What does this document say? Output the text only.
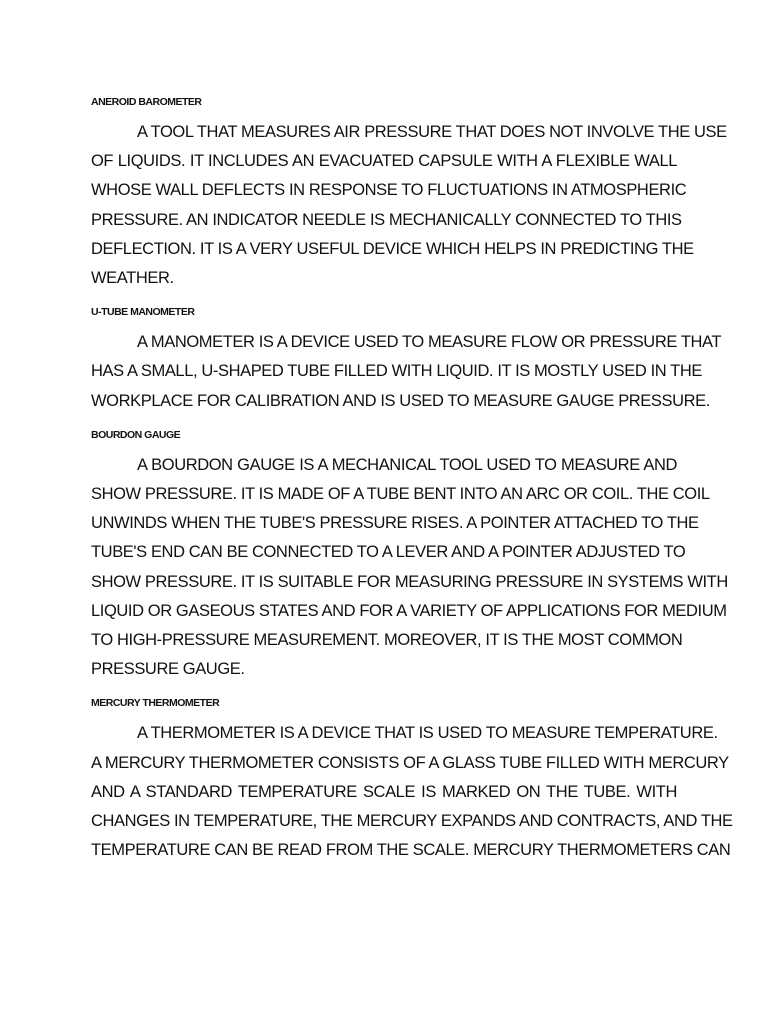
ANEROID BAROMETER
A TOOL THAT MEASURES AIR PRESSURE THAT DOES NOT INVOLVE THE USE
OF LIQUIDS. IT INCLUDES AN EVACUATED CAPSULE WITH A FLEXIBLE WALL
WHOSE WALL DEFLECTS IN RESPONSE TO FLUCTUATIONS IN ATMOSPHERIC
PRESSURE. AN INDICATOR NEEDLE IS MECHANICALLY CONNECTED TO THIS
DEFLECTION. IT IS A VERY USEFUL DEVICE WHICH HELPS IN PREDICTING THE
WEATHER.
U-TUBE MANOMETER
A MANOMETER IS A DEVICE USED TO MEASURE FLOW OR PRESSURE THAT
HAS A SMALL, U-SHAPED TUBE FILLED WITH LIQUID. IT IS MOSTLY USED IN THE
WORKPLACE FOR CALIBRATION AND IS USED TO MEASURE GAUGE PRESSURE.
BOURDON GAUGE
A BOURDON GAUGE IS A MECHANICAL TOOL USED TO MEASURE AND
SHOW PRESSURE. IT IS MADE OF A TUBE BENT INTO AN ARC OR COIL. THE COIL
UNWINDS WHEN THE TUBE'S PRESSURE RISES. A POINTER ATTACHED TO THE
TUBE'S END CAN BE CONNECTED TO A LEVER AND A POINTER ADJUSTED TO
SHOW PRESSURE. IT IS SUITABLE FOR MEASURING PRESSURE IN SYSTEMS WITH
LIQUID OR GASEOUS STATES AND FOR A VARIETY OF APPLICATIONS FOR MEDIUM
TO HIGH-PRESSURE MEASUREMENT. MOREOVER, IT IS THE MOST COMMON
PRESSURE GAUGE.
MERCURY THERMOMETER
A THERMOMETER IS A DEVICE THAT IS USED TO MEASURE TEMPERATURE.
A MERCURY THERMOMETER CONSISTS OF A GLASS TUBE FILLED WITH MERCURY
AND A STANDARD TEMPERATURE SCALE IS MARKED ON THE TUBE. WITH
CHANGES IN TEMPERATURE, THE MERCURY EXPANDS AND CONTRACTS, AND THE
TEMPERATURE CAN BE READ FROM THE SCALE. MERCURY THERMOMETERS CAN
